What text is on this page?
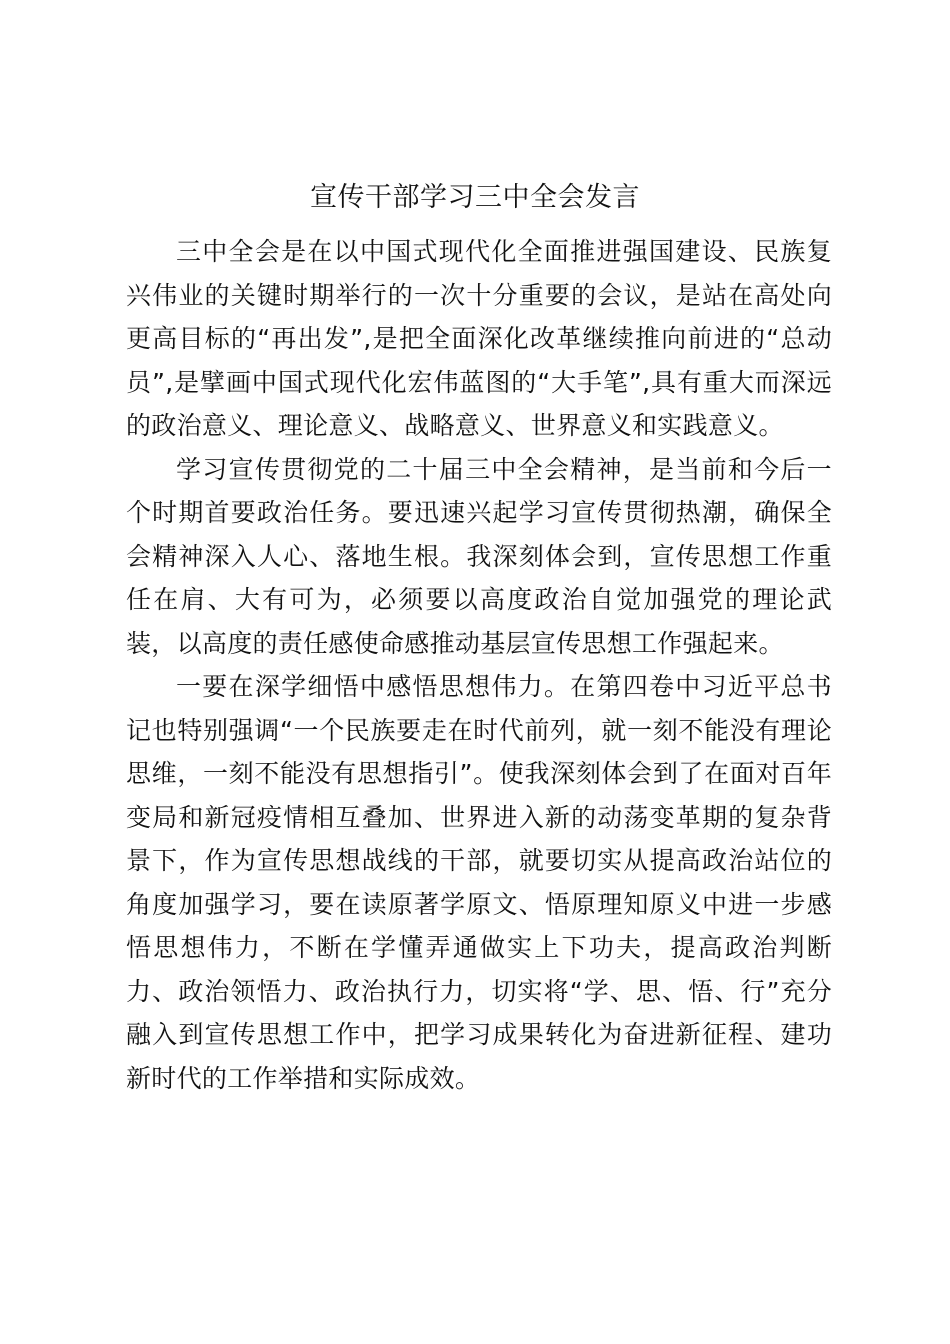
宣传干部学习三中全会发言

三中全会是在以中国式现代化全面推进强国建设、民族复兴伟业的关键时期举行的一次十分重要的会议，是站在高处向更高目标的“再出发”,是把全面深化改革继续推向前进的“总动员”,是擘画中国式现代化宏伟蓝图的“大手笔”,具有重大而深远的政治意义、理论意义、战略意义、世界意义和实践意义。

学习宣传贯彻党的二十届三中全会精神，是当前和今后一个时期首要政治任务。要迅速兴起学习宣传贯彻热潮，确保全会精神深入人心、落地生根。我深刻体会到，宣传思想工作重任在肩、大有可为，必须要以高度政治自觉加强党的理论武装，以高度的责任感使命感推动基层宣传思想工作强起来。

一要在深学细悟中感悟思想伟力。在第四卷中习近平总书记也特别强调“一个民族要走在时代前列，就一刻不能没有理论思维，一刻不能没有思想指引”。使我深刻体会到了在面对百年变局和新冠疫情相互叠加、世界进入新的动荡变革期的复杂背景下，作为宣传思想战线的干部，就要切实从提高政治站位的角度加强学习，要在读原著学原文、悟原理知原义中进一步感悟思想伟力，不断在学懂弄通做实上下功夫，提高政治判断力、政治领悟力、政治执行力，切实将“学、思、悟、行”充分融入到宣传思想工作中，把学习成果转化为奋进新征程、建功新时代的工作举措和实际成效。
